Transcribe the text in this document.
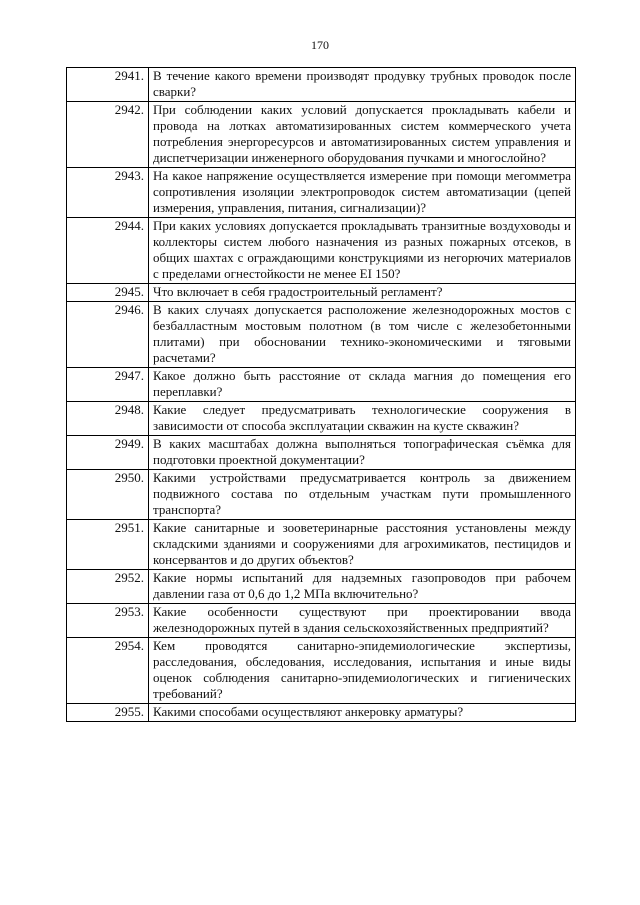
170
2941.	В течение какого времени производят продувку трубных проводок после сварки?
2942.	При соблюдении каких условий допускается прокладывать кабели и провода на лотках автоматизированных систем коммерческого учета потребления энергоресурсов и автоматизированных систем управления и диспетчеризации инженерного оборудования пучками и многослойно?
2943.	На какое напряжение осуществляется измерение при помощи мегомметра сопротивления изоляции электропроводок систем автоматизации (цепей измерения, управления, питания, сигнализации)?
2944.	При каких условиях допускается прокладывать транзитные воздуховоды и коллекторы систем любого назначения из разных пожарных отсеков, в общих шахтах с ограждающими конструкциями из негорючих материалов с пределами огнестойкости не менее EI 150?
2945.	Что включает в себя градостроительный регламент?
2946.	В каких случаях допускается расположение железнодорожных мостов с безбалластным мостовым полотном (в том числе с железобетонными плитами) при обосновании технико-экономическими и тяговыми расчетами?
2947.	Какое должно быть расстояние от склада магния до помещения его переплавки?
2948.	Какие следует предусматривать технологические сооружения в зависимости от способа эксплуатации скважин на кусте скважин?
2949.	В каких масштабах должна выполняться топографическая съёмка для подготовки проектной документации?
2950.	Какими устройствами предусматривается контроль за движением подвижного состава по отдельным участкам пути промышленного транспорта?
2951.	Какие санитарные и зооветеринарные расстояния установлены между складскими зданиями и сооружениями для агрохимикатов, пестицидов и консервантов и до других объектов?
2952.	Какие нормы испытаний для надземных газопроводов при рабочем давлении газа от 0,6 до 1,2 МПа включительно?
2953.	Какие особенности существуют при проектировании ввода железнодорожных путей в здания сельскохозяйственных предприятий?
2954.	Кем проводятся санитарно-эпидемиологические экспертизы, расследования, обследования, исследования, испытания и иные виды оценок соблюдения санитарно-эпидемиологических и гигиенических требований?
2955.	Какими способами осуществляют анкеровку арматуры?
